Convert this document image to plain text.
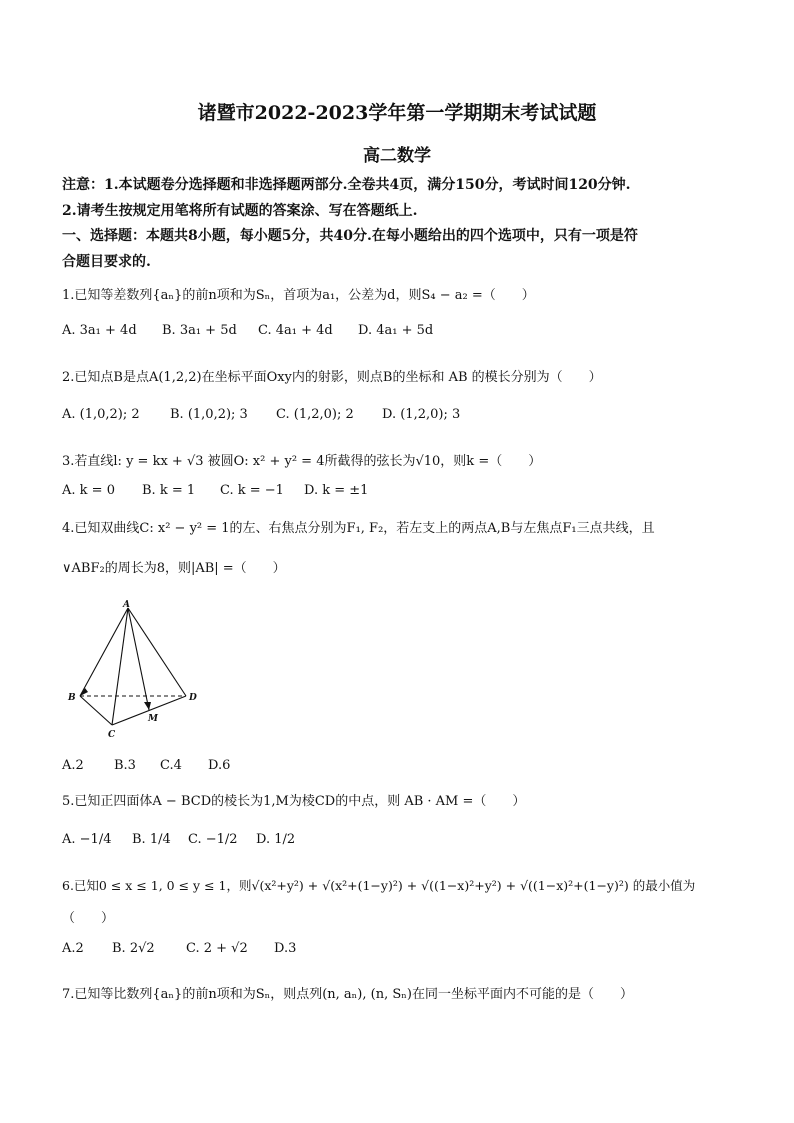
诸暨市2022-2023学年第一学期期末考试试题
高二数学
注意：1.本试题卷分选择题和非选择题两部分.全卷共4页，满分150分，考试时间120分钟.
2.请考生按规定用笔将所有试题的答案涂、写在答题纸上.
一、选择题：本题共8小题，每小题5分，共40分.在每小题给出的四个选项中，只有一项是符
合题目要求的.
1.已知等差数列{aₙ}的前n项和为Sₙ，首项为a₁，公差为d，则S₄ − a₂ =（　　）
A. 3a₁ + 4d B. 3a₁ + 5d C. 4a₁ + 4d D. 4a₁ + 5d
2.已知点B是点A(1,2,2)在坐标平面Oxy内的射影，则点B的坐标和 AB 的模长分别为（　　）
A. (1,0,2); 2 B. (1,0,2); 3 C. (1,2,0); 2 D. (1,2,0); 3
3.若直线l: y = kx + √3 被圆O: x² + y² = 4所截得的弦长为√10，则k =（　　）
A. k = 0 B. k = 1 C. k = −1 D. k = ±1
4.已知双曲线C: x² − y² = 1的左、右焦点分别为F₁, F₂，若左支上的两点A,B与左焦点F₁三点共线，且
∨ABF₂的周长为8，则|AB| =（　　）
A
B
C
D
M
A.2 B.3 C.4 D.6
5.已知正四面体A − BCD的棱长为1,M为棱CD的中点，则 AB · AM =（　　）
A. −1/4 B. 1/4 C. −1/2 D. 1/2
6.已知0 ≤ x ≤ 1, 0 ≤ y ≤ 1，则√(x²+y²) + √(x²+(1−y)²) + √((1−x)²+y²) + √((1−x)²+(1−y)²) 的最小值为
（　　）
A.2 B. 2√2 C. 2 + √2 D.3
7.已知等比数列{aₙ}的前n项和为Sₙ，则点列(n, aₙ), (n, Sₙ)在同一坐标平面内不可能的是（　　）
